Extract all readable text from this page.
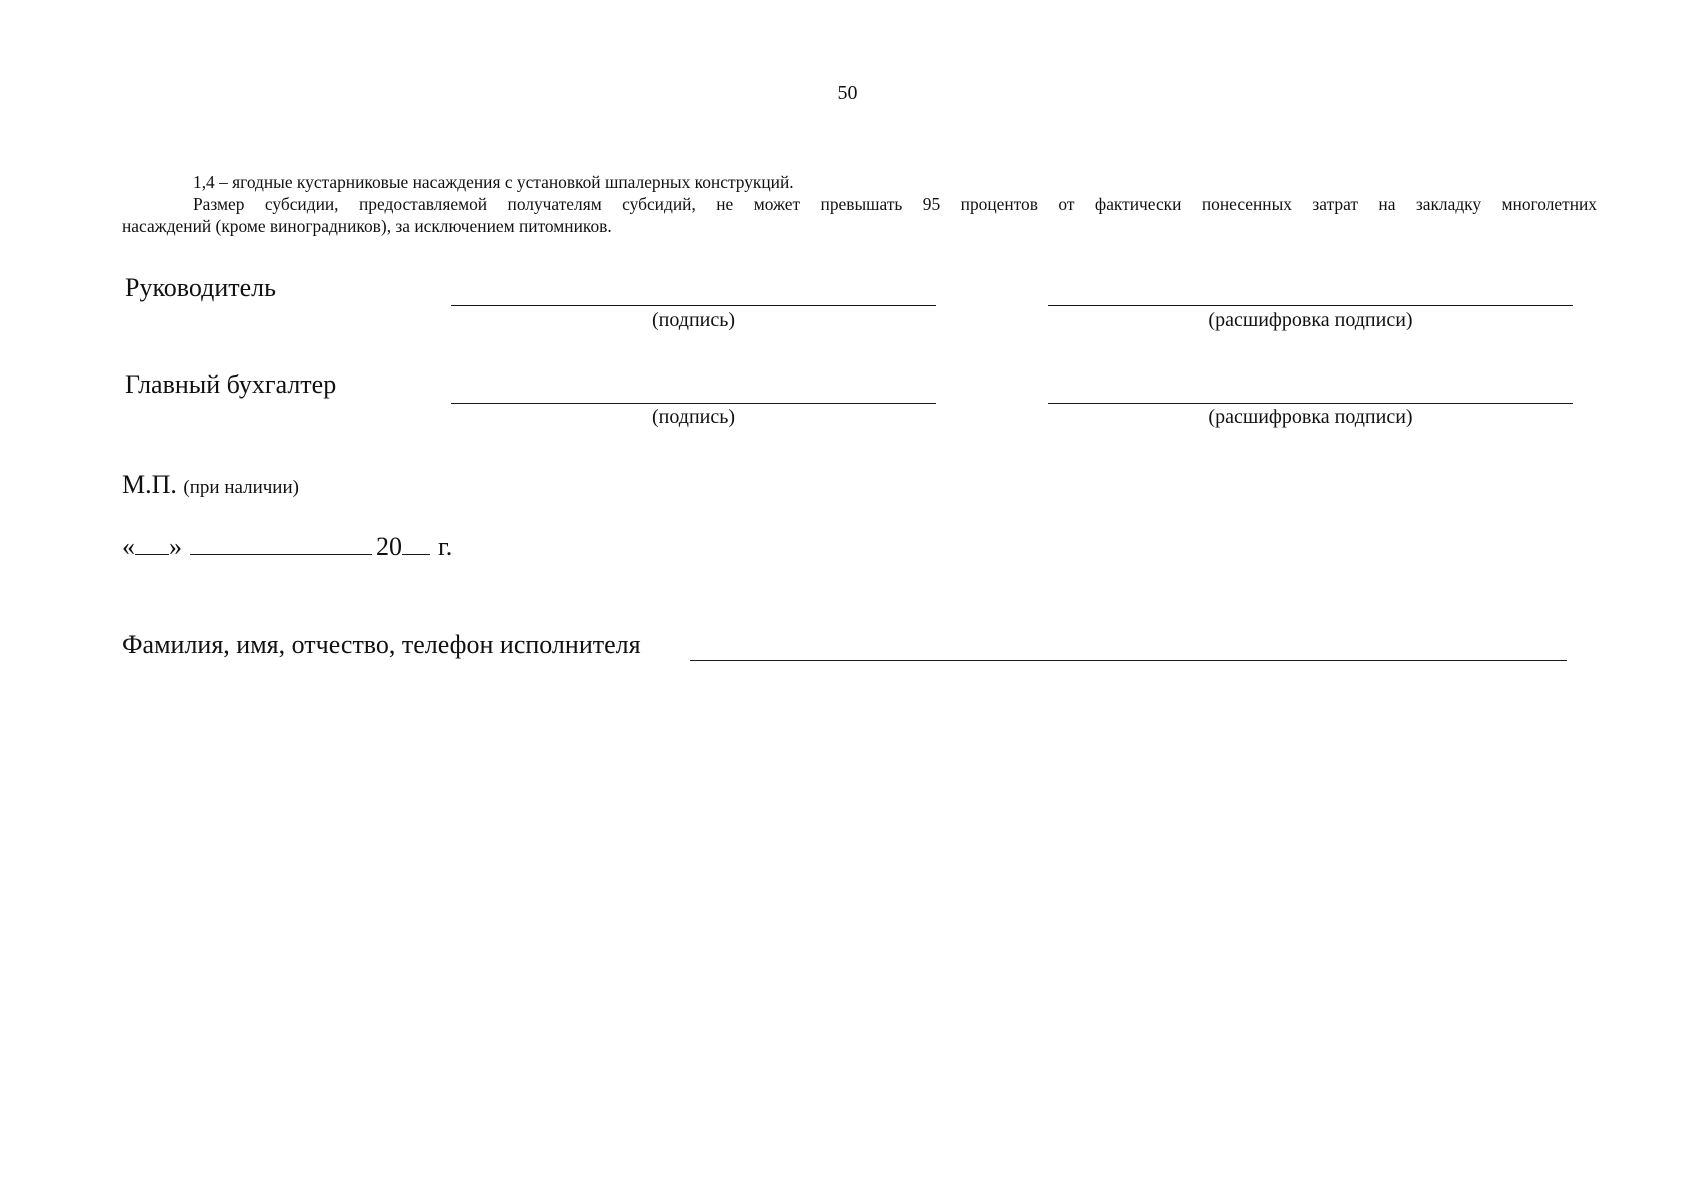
50
1,4 – ягодные кустарниковые насаждения с установкой шпалерных конструкций.
Размер субсидии, предоставляемой получателям субсидий, не может превышать 95 процентов от фактически понесенных затрат на закладку многолетних
насаждений (кроме виноградников), за исключением питомников.
Руководитель
(подпись)	(расшифровка подписи)
Главный бухгалтер
(подпись)	(расшифровка подписи)
М.П. (при наличии)
« »	20 г.
Фамилия, имя, отчество, телефон исполнителя
